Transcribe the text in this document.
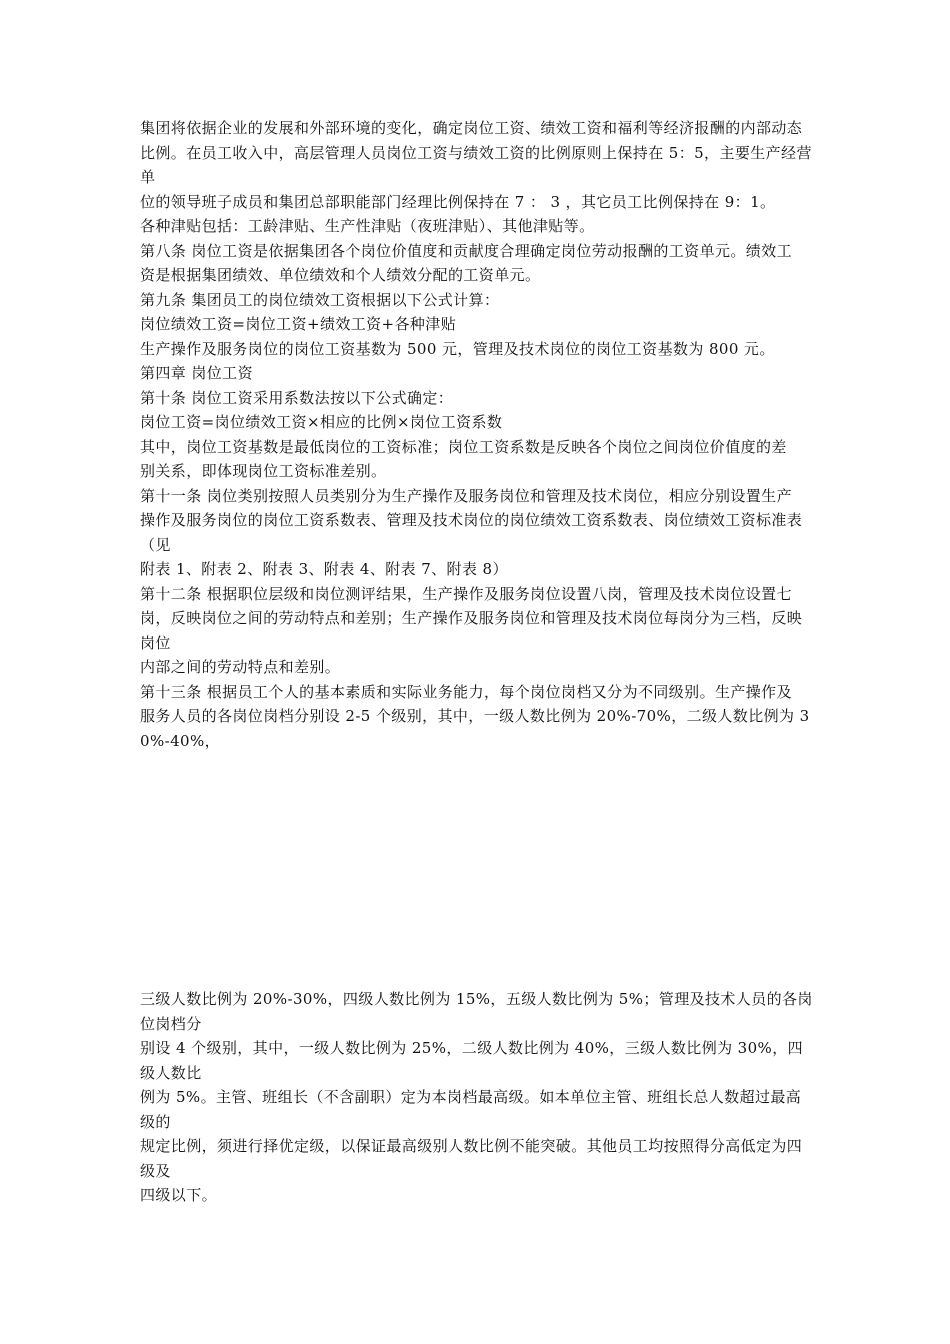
集团将依据企业的发展和外部环境的变化，确定岗位工资、绩效工资和福利等经济报酬的内部动态

比例。在员工收入中，高层管理人员岗位工资与绩效工资的比例原则上保持在 5：5，主要生产经营单

位的领导班子成员和集团总部职能部门经理比例保持在 7 ： 3 ，其它员工比例保持在 9：1。

各种津贴包括：工龄津贴、生产性津贴（夜班津贴）、其他津贴等。

第八条 岗位工资是依据集团各个岗位价值度和贡献度合理确定岗位劳动报酬的工资单元。绩效工

资是根据集团绩效、单位绩效和个人绩效分配的工资单元。

第九条 集团员工的岗位绩效工资根据以下公式计算：

岗位绩效工资=岗位工资+绩效工资+各种津贴

生产操作及服务岗位的岗位工资基数为 500 元，管理及技术岗位的岗位工资基数为 800 元。

第四章 岗位工资

第十条 岗位工资采用系数法按以下公式确定：

岗位工资=岗位绩效工资×相应的比例×岗位工资系数

其中，岗位工资基数是最低岗位的工资标准；岗位工资系数是反映各个岗位之间岗位价值度的差

别关系，即体现岗位工资标准差别。

第十一条 岗位类别按照人员类别分为生产操作及服务岗位和管理及技术岗位，相应分别设置生产

操作及服务岗位的岗位工资系数表、管理及技术岗位的岗位绩效工资系数表、岗位绩效工资标准表（见

附表 1、附表 2、附表 3、附表 4、附表 7、附表 8）

第十二条 根据职位层级和岗位测评结果，生产操作及服务岗位设置八岗，管理及技术岗位设置七

岗，反映岗位之间的劳动特点和差别；生产操作及服务岗位和管理及技术岗位每岗分为三档，反映岗位

内部之间的劳动特点和差别。

第十三条 根据员工个人的基本素质和实际业务能力，每个岗位岗档又分为不同级别。生产操作及

服务人员的各岗位岗档分别设 2-5 个级别，其中，一级人数比例为 20%-70%，二级人数比例为 30%-40%，

三级人数比例为 20%-30%，四级人数比例为 15%，五级人数比例为 5%；管理及技术人员的各岗位岗档分

别设 4 个级别，其中，一级人数比例为 25%，二级人数比例为 40%，三级人数比例为 30%，四级人数比

例为 5%。主管、班组长（不含副职）定为本岗档最高级。如本单位主管、班组长总人数超过最高级的

规定比例，须进行择优定级，以保证最高级别人数比例不能突破。其他员工均按照得分高低定为四级及

四级以下。
